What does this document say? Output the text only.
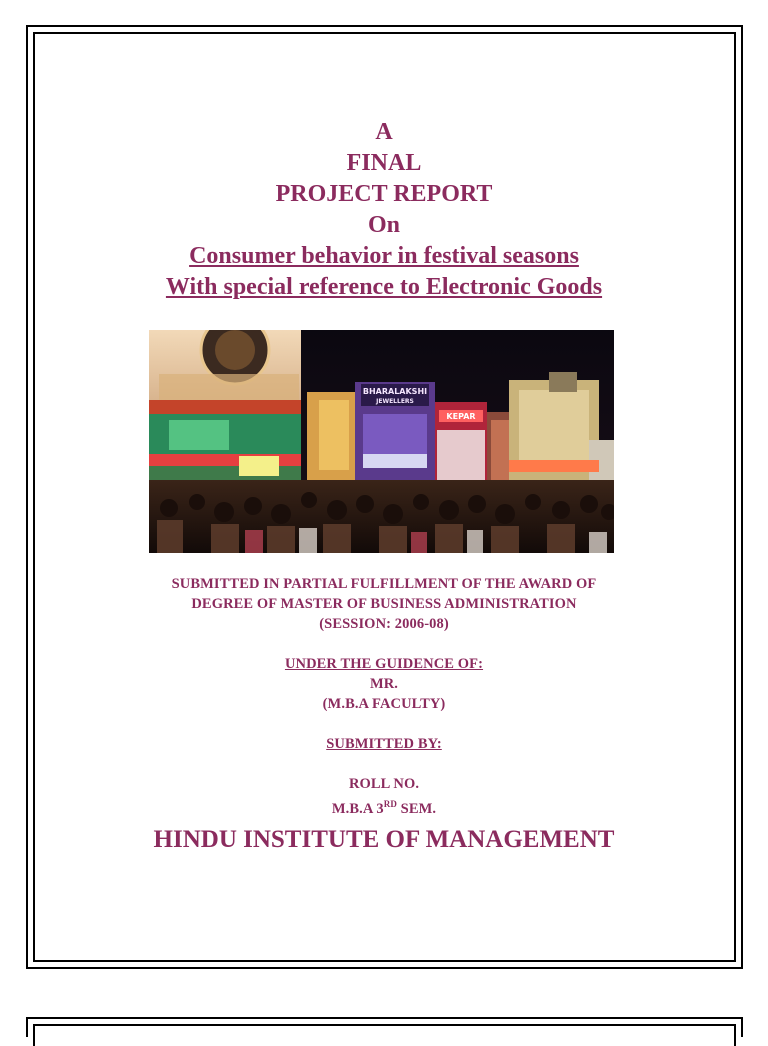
A
FINAL
PROJECT REPORT
On
Consumer behavior in festival seasons
With special reference to Electronic Goods
BHARALAKSHI
JEWELLERS
KEPAR
SUBMITTED IN PARTIAL FULFILLMENT OF THE AWARD OF
DEGREE OF MASTER OF BUSINESS ADMINISTRATION
(SESSION: 2006-08)
UNDER THE GUIDENCE OF:
MR.
(M.B.A FACULTY)
SUBMITTED BY:
ROLL NO.
M.B.A 3RD SEM.
HINDU INSTITUTE OF MANAGEMENT
